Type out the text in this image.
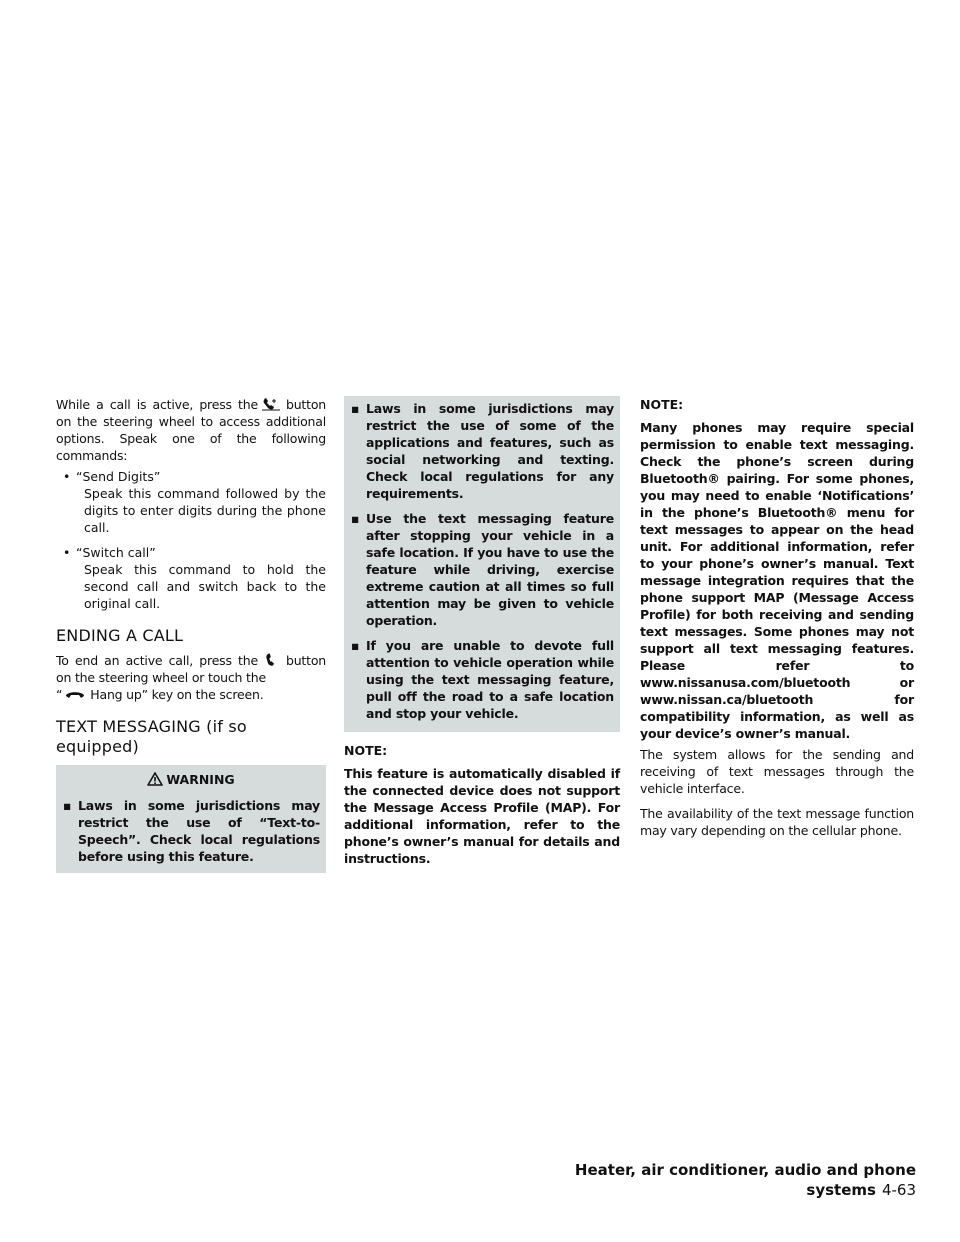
While a call is active, press the button on the steering wheel to access additional options. Speak one of the following commands:

• “Send Digits”
Speak this command followed by the digits to enter digits during the phone call.
• “Switch call”
Speak this command to hold the second call and switch back to the original call.
ENDING A CALL

To end an active call, press the button on the steering wheel or touch the
“ Hang up” key on the screen.

TEXT MESSAGING (if so equipped)
WARNING
▪ Laws in some jurisdictions may restrict the use of “Text-to-Speech”. Check local regulations before using this feature.
▪ Laws in some jurisdictions may restrict the use of some of the applications and features, such as social networking and texting. Check local regulations for any requirements.
▪ Use the text messaging feature after stopping your vehicle in a safe location. If you have to use the feature while driving, exercise extreme caution at all times so full attention may be given to vehicle operation.
▪ If you are unable to devote full attention to vehicle operation while using the text messaging feature, pull off the road to a safe location and stop your vehicle.
NOTE:

This feature is automatically disabled if the connected device does not support the Message Access Profile (MAP). For additional information, refer to the phone’s owner’s manual for details and instructions.

NOTE:

Many phones may require special permission to enable text messaging. Check the phone’s screen during Bluetooth® pairing. For some phones, you may need to enable ‘Notifications’ in the phone’s Bluetooth® menu for text messages to appear on the head unit. For additional information, refer to your phone’s owner’s manual. Text message integration requires that the phone support MAP (Message Access Profile) for both receiving and sending text messages. Some phones may not support all text messaging features. Please refer to www.nissanusa.com/bluetooth or www.nissan.ca/bluetooth for compatibility information, as well as your device’s owner’s manual.

The system allows for the sending and receiving of text messages through the vehicle interface.

The availability of the text message function may vary depending on the cellular phone.

Heater, air conditioner, audio and phone systems 4-63
